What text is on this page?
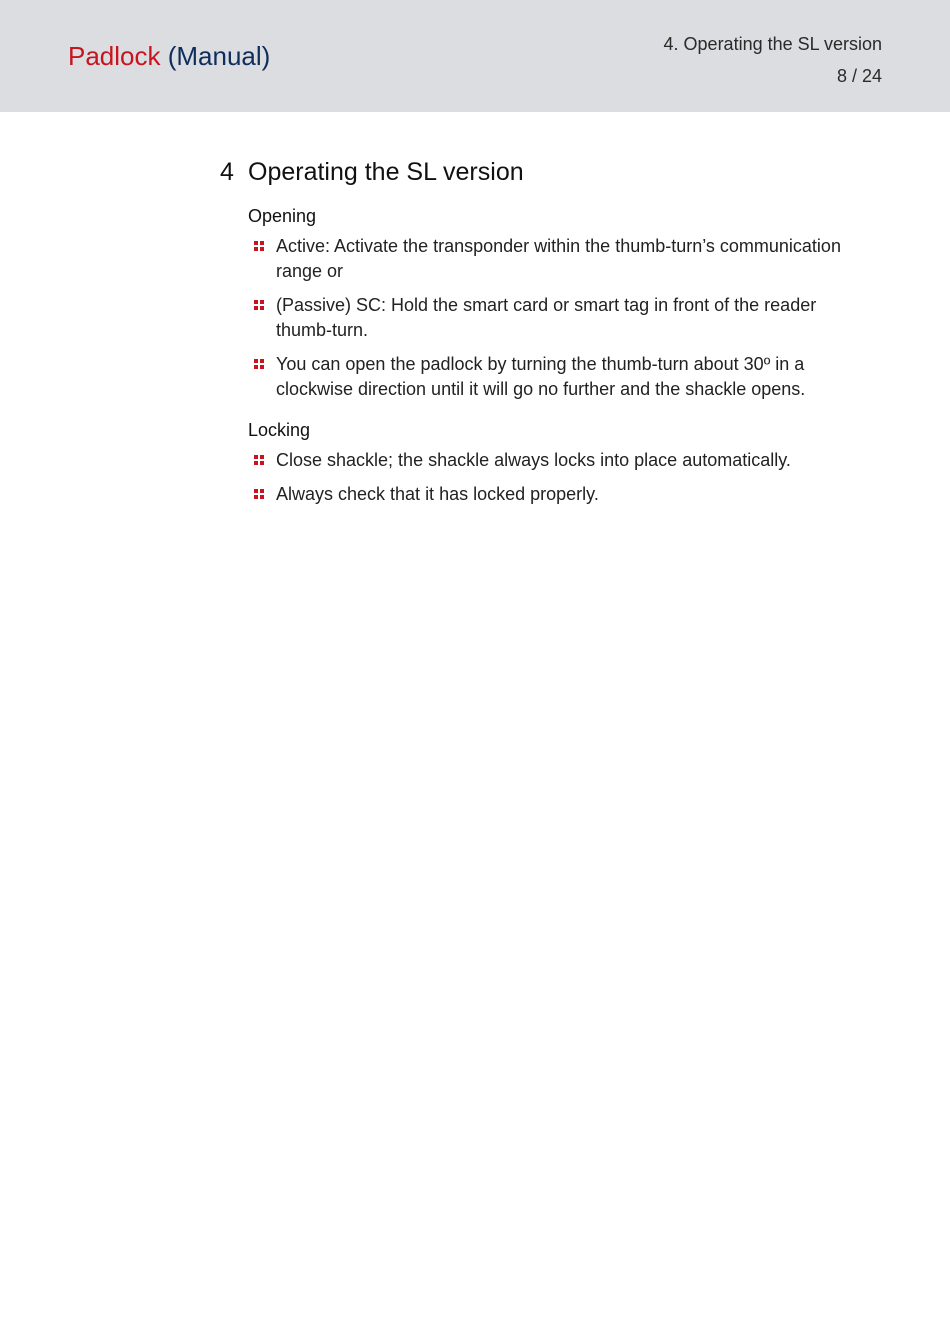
Padlock (Manual)	4. Operating the SL version
8 / 24
4 Operating the SL version
Opening
Active: Activate the transponder within the thumb-turn’s communication range or
(Passive) SC: Hold the smart card or smart tag in front of the reader thumb-turn.
You can open the padlock by turning the thumb-turn about 30º in a clockwise direction until it will go no further and the shackle opens.
Locking
Close shackle; the shackle always locks into place automatically.
Always check that it has locked properly.
